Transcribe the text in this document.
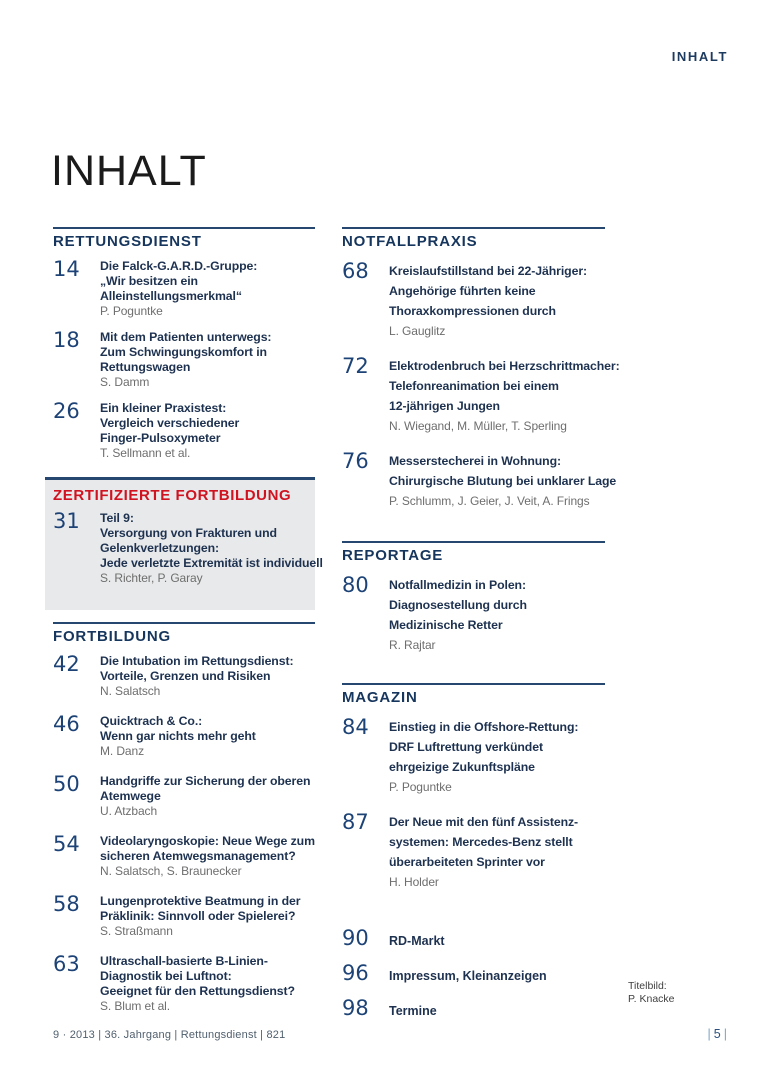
INHALT
INHALT
RETTUNGSDIENST
14	Die Falck-G.A.R.D.-Gruppe:
„Wir besitzen ein
Alleinstellungsmerkmal“
P. Poguntke
18	Mit dem Patienten unterwegs:
Zum Schwingungskomfort in
Rettungswagen
S. Damm
26	Ein kleiner Praxistest:
Vergleich verschiedener
Finger-Pulsoxymeter
T. Sellmann et al.
ZERTIFIZIERTE FORTBILDUNG
31	Teil 9:
Versorgung von Frakturen und
Gelenkverletzungen:
Jede verletzte Extremität ist individuell
S. Richter, P. Garay
FORTBILDUNG
42	Die Intubation im Rettungsdienst:
Vorteile, Grenzen und Risiken
N. Salatsch
46	Quicktrach & Co.:
Wenn gar nichts mehr geht
M. Danz
50	Handgriffe zur Sicherung der oberen
Atemwege
U. Atzbach
54	Videolaryngoskopie: Neue Wege zum
sicheren Atemwegsmanagement?
N. Salatsch, S. Braunecker
58	Lungenprotektive Beatmung in der
Präklinik: Sinnvoll oder Spielerei?
S. Straßmann
63	Ultraschall-basierte B-Linien-
Diagnostik bei Luftnot:
Geeignet für den Rettungsdienst?
S. Blum et al.
NOTFALLPRAXIS
68	Kreislaufstillstand bei 22-Jähriger:
Angehörige führten keine
Thoraxkompressionen durch
L. Gauglitz
72	Elektrodenbruch bei Herzschrittmacher:
Telefonreanimation bei einem
12-jährigen Jungen
N. Wiegand, M. Müller, T. Sperling
76	Messerstecherei in Wohnung:
Chirurgische Blutung bei unklarer Lage
P. Schlumm, J. Geier, J. Veit, A. Frings
REPORTAGE
80	Notfallmedizin in Polen:
Diagnosestellung durch
Medizinische Retter
R. Rajtar
MAGAZIN
84	Einstieg in die Offshore-Rettung:
DRF Luftrettung verkündet
ehrgeizige Zukunftspläne
P. Poguntke
87	Der Neue mit den fünf Assistenz-
systemen: Mercedes-Benz stellt
überarbeiteten Sprinter vor
H. Holder
90	RD-Markt
96	Impressum, Kleinanzeigen
98	Termine
Titelbild:
P. Knacke
9 · 2013 | 36. Jahrgang | Rettungsdienst | 821	| 5 |
